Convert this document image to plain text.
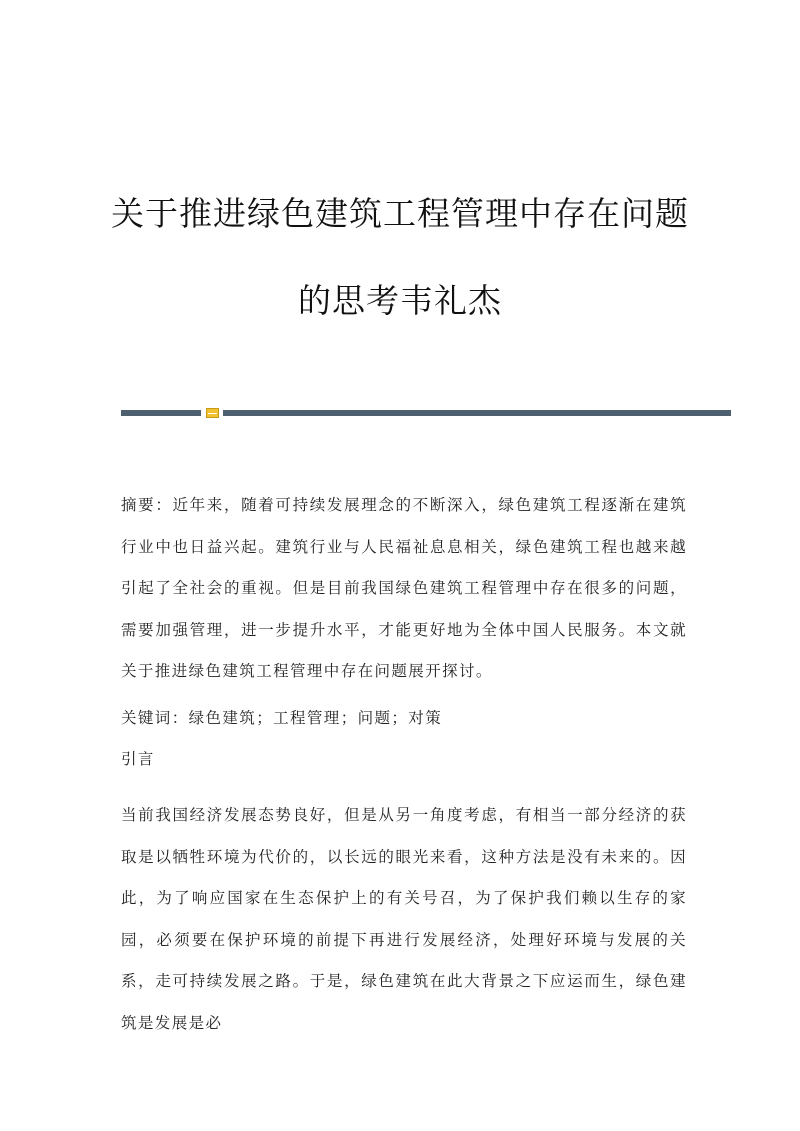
关于推进绿色建筑工程管理中存在问题
的思考韦礼杰

摘要：近年来，随着可持续发展理念的不断深入，绿色建筑工程逐渐在建筑行业中也日益兴起。建筑行业与人民福祉息息相关，绿色建筑工程也越来越引起了全社会的重视。但是目前我国绿色建筑工程管理中存在很多的问题，需要加强管理，进一步提升水平，才能更好地为全体中国人民服务。本文就关于推进绿色建筑工程管理中存在问题展开探讨。

关键词：绿色建筑；工程管理；问题；对策

引言

当前我国经济发展态势良好，但是从另一角度考虑，有相当一部分经济的获取是以牺牲环境为代价的，以长远的眼光来看，这种方法是没有未来的。因此，为了响应国家在生态保护上的有关号召，为了保护我们赖以生存的家园，必须要在保护环境的前提下再进行发展经济，处理好环境与发展的关系，走可持续发展之路。于是，绿色建筑在此大背景之下应运而生，绿色建筑是发展是必
